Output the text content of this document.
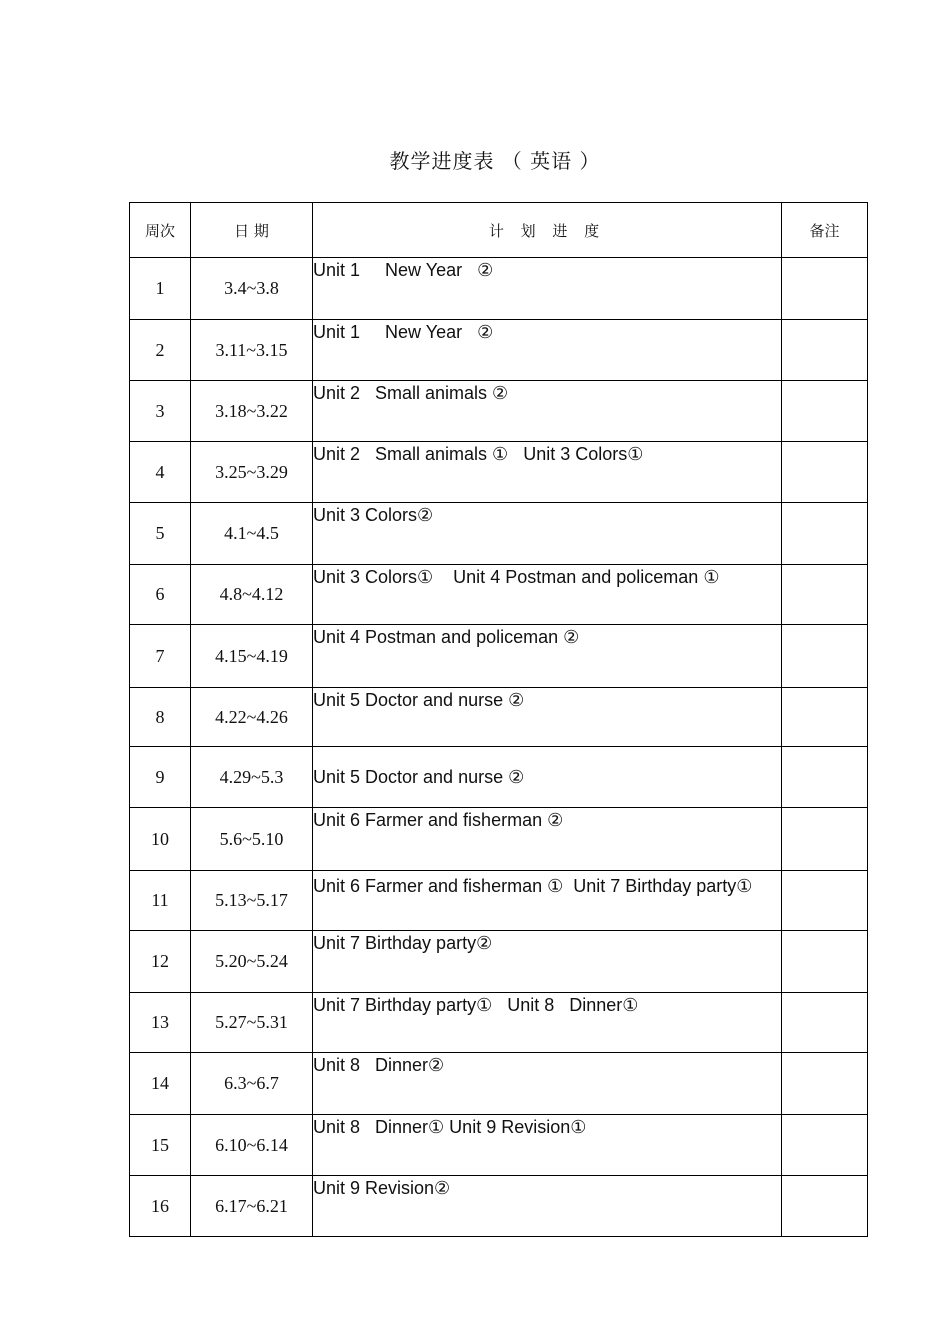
教学进度表 （ 英语 ）
周次	日 期	计 划 进 度	备注
1	3.4~3.8	Unit 1     New Year   ②	
2	3.11~3.15	Unit 1     New Year   ②	
3	3.18~3.22	Unit 2   Small animals ②	
4	3.25~3.29	Unit 2   Small animals ①   Unit 3 Colors①	
5	4.1~4.5	Unit 3 Colors②	
6	4.8~4.12	Unit 3 Colors①    Unit 4 Postman and policeman ①	
7	4.15~4.19	Unit 4 Postman and policeman ②	
8	4.22~4.26	Unit 5 Doctor and nurse ②	
9	4.29~5.3	Unit 5 Doctor and nurse ②	
10	5.6~5.10	Unit 6 Farmer and fisherman ②	
11	5.13~5.17	Unit 6 Farmer and fisherman ①  Unit 7 Birthday party①	
12	5.20~5.24	Unit 7 Birthday party②	
13	5.27~5.31	Unit 7 Birthday party①   Unit 8   Dinner①	
14	6.3~6.7	Unit 8   Dinner②	
15	6.10~6.14	Unit 8   Dinner① Unit 9 Revision①	
16	6.17~6.21	Unit 9 Revision②	
